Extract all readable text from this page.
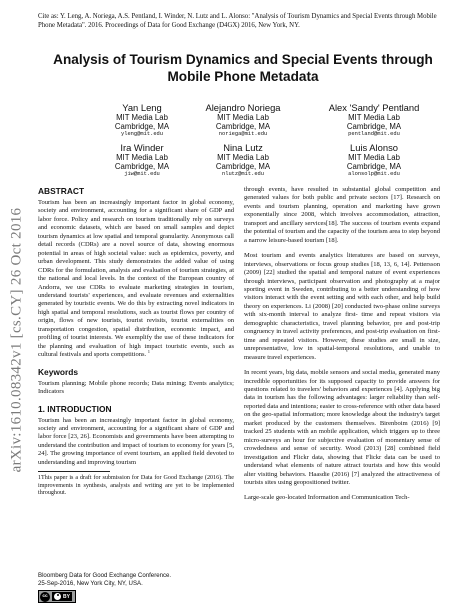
Cite as: Y. Leng, A. Noriega, A.S. Pentland, I. Winder, N. Lutz and L. Alonso: "Analysis of Tourism Dynamics and Special Events through Mobile Phone Metadata". 2016. Proceedings of Data for Good Exchange (D4GX) 2016, New York, NY.
arXiv:1610.08342v1 [cs.CY] 26 Oct 2016
Analysis of Tourism Dynamics and Special Events through Mobile Phone Metadata
Yan Leng
MIT Media Lab
Cambridge, MA
yleng@mit.edu
Alejandro Noriega
MIT Media Lab
Cambridge, MA
noriega@mit.edu
Alex 'Sandy' Pentland
MIT Media Lab
Cambridge, MA
pentland@mit.edu
Ira Winder
MIT Media Lab
Cambridge, MA
jiw@mit.edu
Nina Lutz
MIT Media Lab
Cambridge, MA
nlutz@mit.edu
Luis Alonso
MIT Media Lab
Cambridge, MA
alonsolp@mit.edu
ABSTRACT

Tourism has been an increasingly important factor in global economy, society and environment, accounting for a significant share of GDP and labor force. Policy and research on tourism traditionally rely on surveys and economic datasets, which are based on small samples and depict tourism dynamics at low spatial and temporal granularity. Anonymous call detail records (CDRs) are a novel source of data, showing enormous potential in areas of high societal value: such as epidemics, poverty, and urban development. This study demonstrates the added value of using CDRs for the formulation, analysis and evaluation of tourism strategies, at the national and local levels. In the context of the European country of Andorra, we use CDRs to evaluate marketing strategies in tourism, understand tourists' experiences, and evaluate revenues and externalities generated by touristic events. We do this by extracting novel indicators in high spatial and temporal resolutions, such as tourist flows per country of origin, flows of new tourists, tourist revisits, tourist externalities on transportation congestion, spatial distribution, economic impact, and profiling of tourist interests. We exemplify the use of these indicators for the planning and evaluation of high impact touristic events, such as cultural festivals and sports competitions. $^1$

Keywords

Tourism planning; Mobile phone records; Data mining; Events analytics; Indicators

1. INTRODUCTION

Tourism has been an increasingly important factor in global economy, society and environment, accounting for a significant share of GDP and labor force [23, 26]. Economists and governments have been attempting to understand the contribution and impact of tourism to economy for years [5, 24]. The growing importance of event tourism, an applied field devoted to understanding and improving tourism

1This paper is a draft for submission for Data for Good Exchange (2016). The improvements in synthesis, analysis and writing are yet to be implemented throughout.

through events, have resulted in substantial global competition and generated values for both public and private sectors [17]. Research on events and tourism planning, operation and marketing have grown exponentially since 2008, which involves accommodation, attraction, transport and ancillary services[18]. The success of tourism events expand the potential of tourism and the capacity of the tourism area to step beyond a narrow leisure-based tourism [18].

Most tourism and events analytics literatures are based on surveys, interviews, observations or focus group studies [18, 13, 6, 14]. Pettersson (2009) [22] studied the spatial and temporal nature of event experiences through interviews, participant observation and photography at a major sporting event in Sweden, contributing to a better understanding of how visitors interact with the event setting and with each other, and help build theory on experiences. Li (2008) [20] conducted two-phase online surveys with six-month interval to analyze first- time and repeat visitors via demographic characteristics, travel planning behavior, pre and post-trip congruency in travel activity preferences, and post-trip evaluation on first-time and repeated visitors. However, these studies are small in size, unrepresentative, low in spatial-temporal resolutions, and unable to measure travel experiences.

In recent years, big data, mobile sensors and social media, generated many incredible opportunities for its supposed capacity to provide answers for questions related to travelers' behaviors and experiences [4]. Applying big data in tourism has the following advantages: larger reliability than self-reported data and intentions; easier to cross-reference with other data based on the geo-spatial information; more knowledge about the industry's target market produced by the customers themselves. Birenboim (2016) [9] tracked 25 students with an mobile application, which triggers up to three micro-surveys an hour for subjective evaluation of momentary sense of crowdedness and sense of security. Wood (2013) [28] combined field investigation and Flickr data, showing that Flickr data can be used to understand what elements of nature attract tourists and how this would alter visiting behaviors. Haasdie (2016) [7] analyzed the attractiveness of tourists sites using geopositioned twitter.

Large-scale geo-located Information and Communication Tech-

Bloomberg Data for Good Exchange Conference.
25-Sep-2016, New York City, NY, USA.
cc	BY
